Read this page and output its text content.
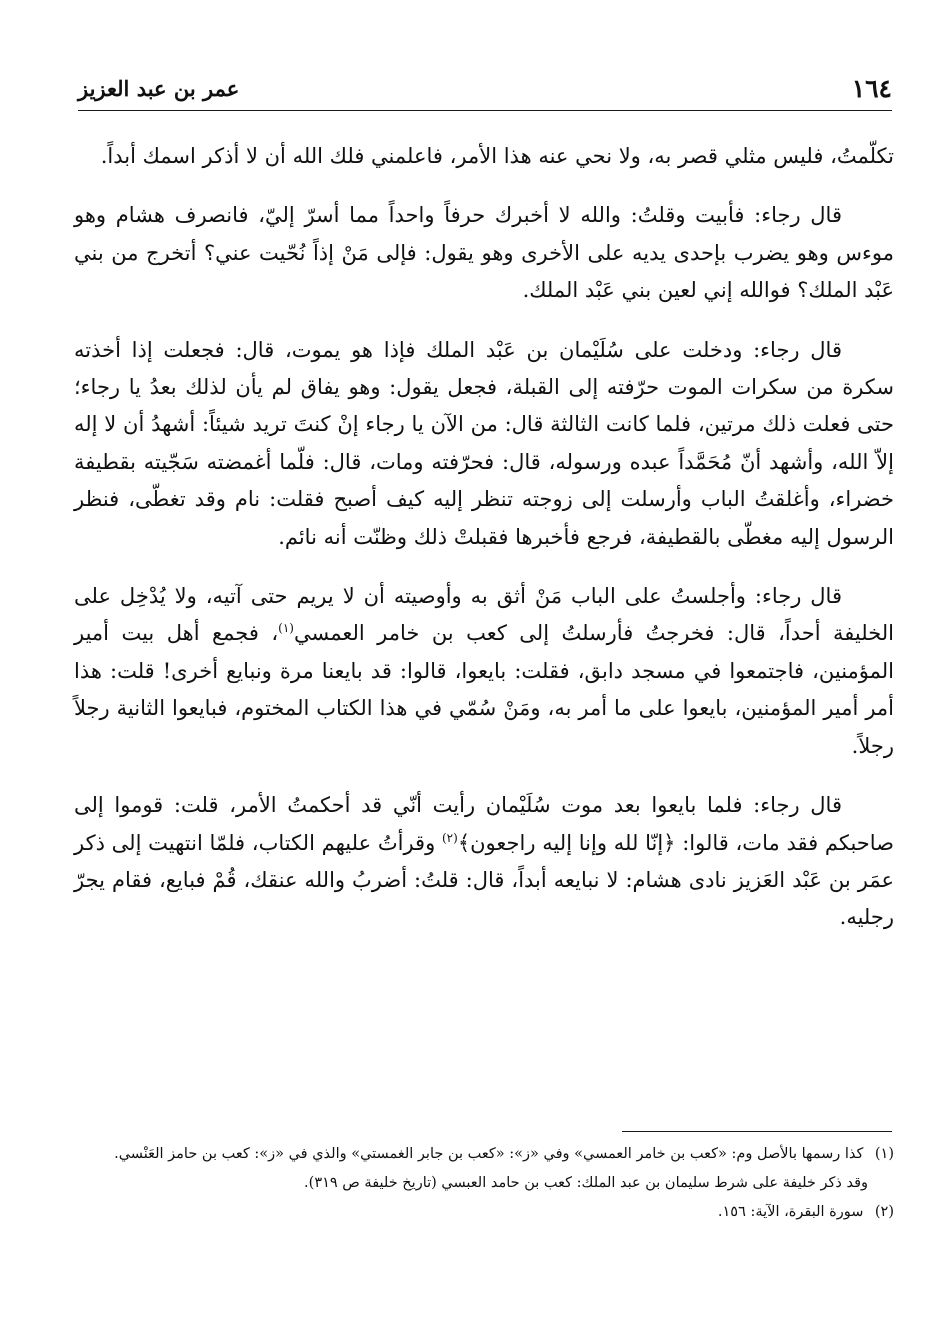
١٦٤
عمر بن عبد العزيز

تكلّمتُ، فليس مثلي قصر به، ولا نحي عنه هذا الأمر، فاعلمني فلك الله أن لا أذكر اسمك أبداً.

قال رجاء: فأبيت وقلتُ: والله لا أخبرك حرفاً واحداً مما أسرّ إليّ، فانصرف هشام وهو موءس وهو يضرب بإحدى يديه على الأخرى وهو يقول: فإلى مَنْ إذاً نُحّيت عني؟ أتخرج من بني عَبْد الملك؟ فوالله إني لعين بني عَبْد الملك.

قال رجاء: ودخلت على سُلَيْمان بن عَبْد الملك فإذا هو يموت، قال: فجعلت إذا أخذته سكرة من سكرات الموت حرّفته إلى القبلة، فجعل يقول: وهو يفاق لم يأن لذلك بعدُ يا رجاء؛ حتى فعلت ذلك مرتين، فلما كانت الثالثة قال: من الآن يا رجاء إنْ كنتَ تريد شيئاً: أشهدُ أن لا إله إلاّ الله، وأشهد أنّ مُحَمَّداً عبده ورسوله، قال: فحرّفته ومات، قال: فلّما أغمضته سَجّيته بقطيفة خضراء، وأغلقتُ الباب وأرسلت إلى زوجته تنظر إليه كيف أصبح فقلت: نام وقد تغطّى، فنظر الرسول إليه مغطّى بالقطيفة، فرجع فأخبرها فقبلتْ ذلك وظنّت أنه نائم.

قال رجاء: وأجلستُ على الباب مَنْ أثق به وأوصيته أن لا يريم حتى آتيه، ولا يُدْخِل على الخليفة أحداً، قال: فخرجتُ فأرسلتُ إلى كعب بن خامر العمسي$^{(١)}$، فجمع أهل بيت أمير المؤمنين، فاجتمعوا في مسجد دابق، فقلت: بايعوا، قالوا: قد بايعنا مرة ونبايع أخرى! قلت: هذا أمر أمير المؤمنين، بايعوا على ما أمر به، ومَنْ سُمّي في هذا الكتاب المختوم، فبايعوا الثانية رجلاً رجلاً.

قال رجاء: فلما بايعوا بعد موت سُلَيْمان رأيت أنّي قد أحكمتُ الأمر، قلت: قوموا إلى صاحبكم فقد مات، قالوا: ﴿إنّا لله وإنا إليه راجعون﴾$^{(٢)}$ وقرأتُ عليهم الكتاب، فلمّا انتهيت إلى ذكر عمَر بن عَبْد العَزيز نادى هشام: لا نبايعه أبداً، قال: قلتُ: أضربُ والله عنقك، قُمْ فبايع، فقام يجرّ رجليه.

(١) كذا رسمها بالأصل وم: «كعب بن خامر العمسي» وفي «ز»: «كعب بن جابر الغمستي» والذي في «ز»: كعب بن حامز العَنْسي.

وقد ذكر خليفة على شرط سليمان بن عبد الملك: كعب بن حامد العبسي (تاريخ خليفة ص ٣١٩).

(٢) سورة البقرة، الآية: ١٥٦.
